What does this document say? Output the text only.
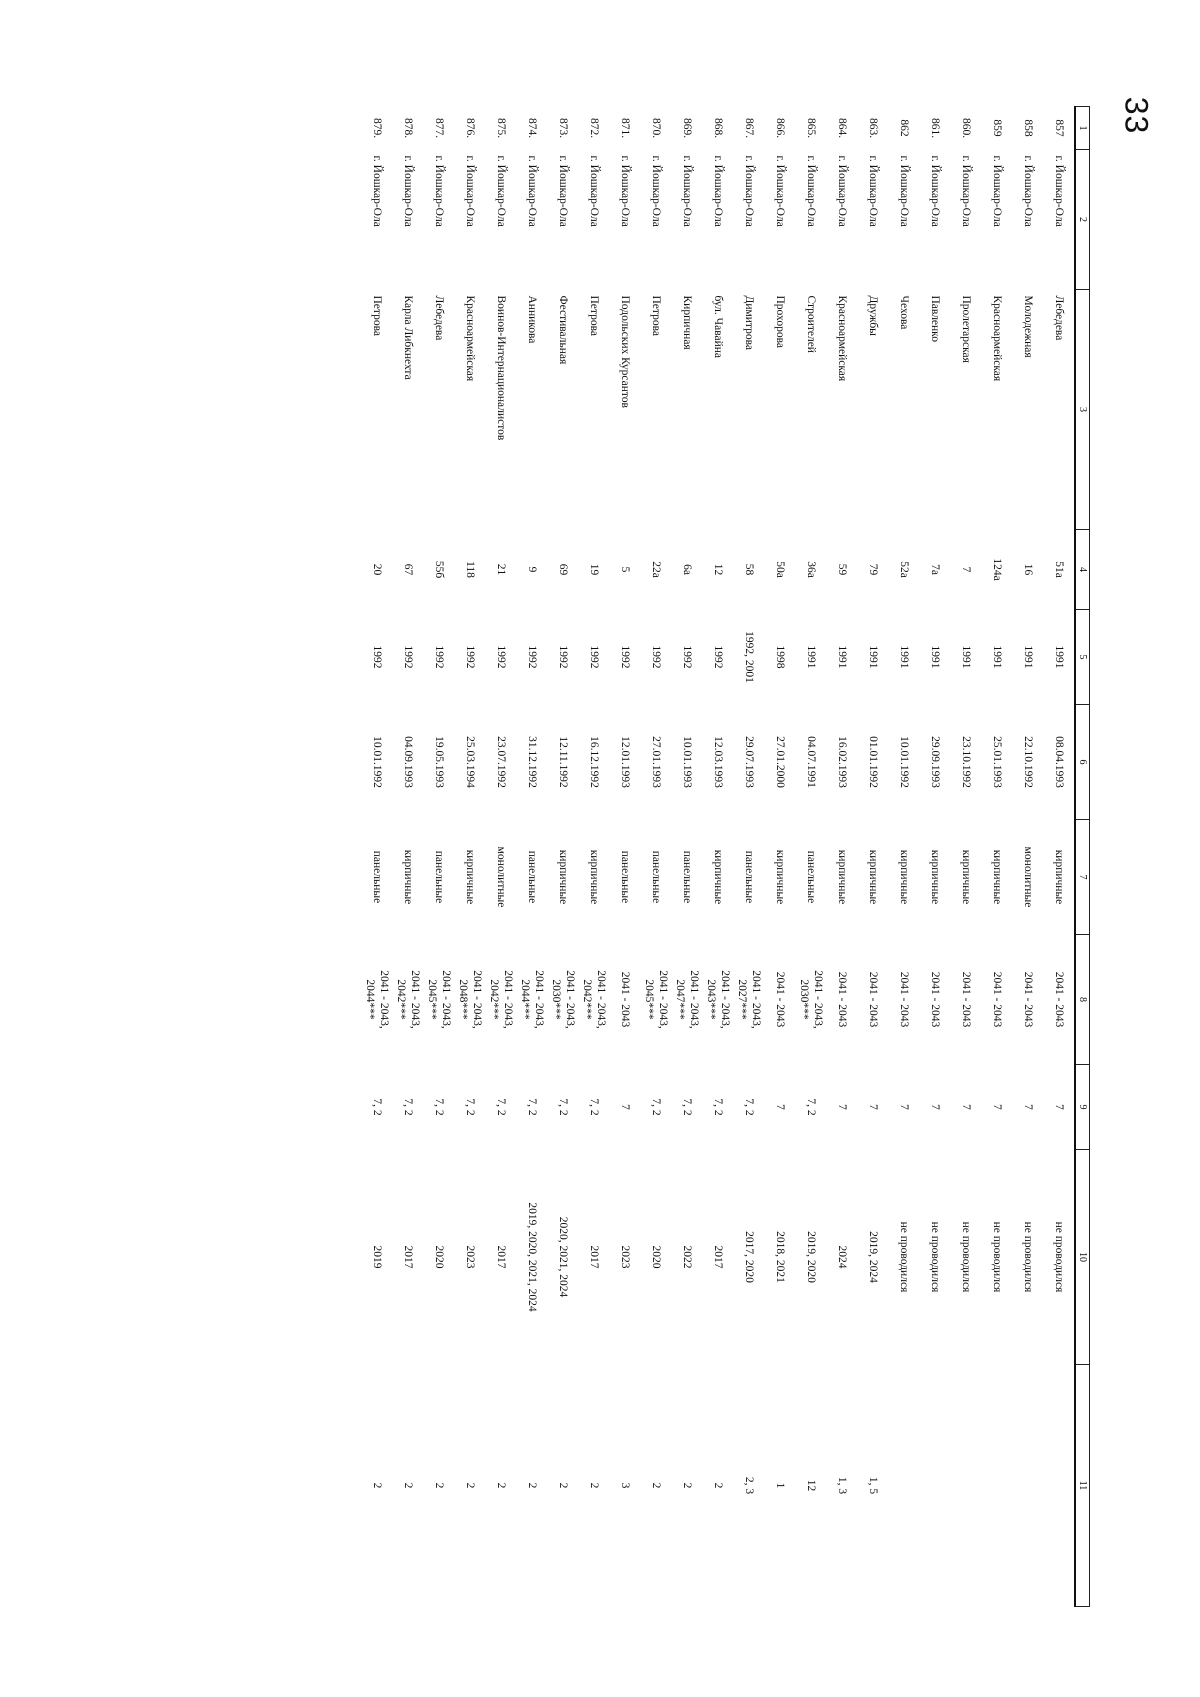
33
1	2	3	4	5	6	7	8	9	10	11
857	г. Йошкар-Ола	Лебедева	51а	1991	08.04.1993	кирпичные	2041 - 2043	7	не проводился	
858	г. Йошкар-Ола	Молодежная	16	1991	22.10.1992	монолитные	2041 - 2043	7	не проводился	
859	г. Йошкар-Ола	Красноармейская	124а	1991	25.01.1993	кирпичные	2041 - 2043	7	не проводился	
860.	г. Йошкар-Ола	Пролетарская	7	1991	23.10.1992	кирпичные	2041 - 2043	7	не проводился	
861.	г. Йошкар-Ола	Павленко	7а	1991	29.09.1993	кирпичные	2041 - 2043	7	не проводился	
862	г. Йошкар-Ола	Чехова	52а	1991	10.01.1992	кирпичные	2041 - 2043	7	не проводился	
863.	г. Йошкар-Ола	Дружбы	79	1991	01.01.1992	кирпичные	2041 - 2043	7	2019, 2024	1, 5
864.	г. Йошкар-Ола	Красноармейская	59	1991	16.02.1993	кирпичные	2041 - 2043	7	2024	1, 3
865.	г. Йошкар-Ола	Строителей	36а	1991	04.07.1991	панельные	2041 - 2043,
2030***	7, 2	2019, 2020	12
866.	г. Йошкар-Ола	Прохорова	50а	1998	27.01.2000	кирпичные	2041 - 2043	7	2018, 2021	1
867.	г. Йошкар-Ола	Димитрова	58	1992, 2001	29.07.1993	панельные	2041 - 2043,
2027***	7, 2	2017, 2020	2, 3
868.	г. Йошкар-Ола	бул. Чавайна	12	1992	12.03.1993	кирпичные	2041 - 2043,
2043***	7, 2	2017	2
869.	г. Йошкар-Ола	Кирпичная	6а	1992	10.01.1993	панельные	2041 - 2043,
2047***	7, 2	2022	2
870.	г. Йошкар-Ола	Петрова	22а	1992	27.01.1993	панельные	2041 - 2043,
2045***	7, 2	2020	2
871.	г. Йошкар-Ола	Подольских Курсантов	5	1992	12.01.1993	панельные	2041 - 2043	7	2023	3
872.	г. Йошкар-Ола	Петрова	19	1992	16.12.1992	кирпичные	2041 - 2043,
2042***	7, 2	2017	2
873.	г. Йошкар-Ола	Фестивальная	69	1992	12.11.1992	кирпичные	2041 - 2043,
2030***	7, 2	2020, 2021, 2024	2
874.	г. Йошкар-Ола	Анникова	9	1992	31.12.1992	панельные	2041 - 2043,
2044***	7, 2	2019, 2020, 2021, 2024	2
875.	г. Йошкар-Ола	Воинов-Интернационалистов	21	1992	23.07.1992	монолитные	2041 - 2043,
2042***	7, 2	2017	2
876.	г. Йошкар-Ола	Красноармейская	118	1992	25.03.1994	кирпичные	2041 - 2043,
2048***	7, 2	2023	2
877.	г. Йошкар-Ола	Лебедева	55б	1992	19.05.1993	панельные	2041 - 2043,
2045***	7, 2	2020	2
878.	г. Йошкар-Ола	Карла Либкнехта	67	1992	04.09.1993	кирпичные	2041 - 2043,
2042***	7, 2	2017	2
879.	г. Йошкар-Ола	Петрова	20	1992	10.01.1992	панельные	2041 - 2043,
2044***	7, 2	2019	2
